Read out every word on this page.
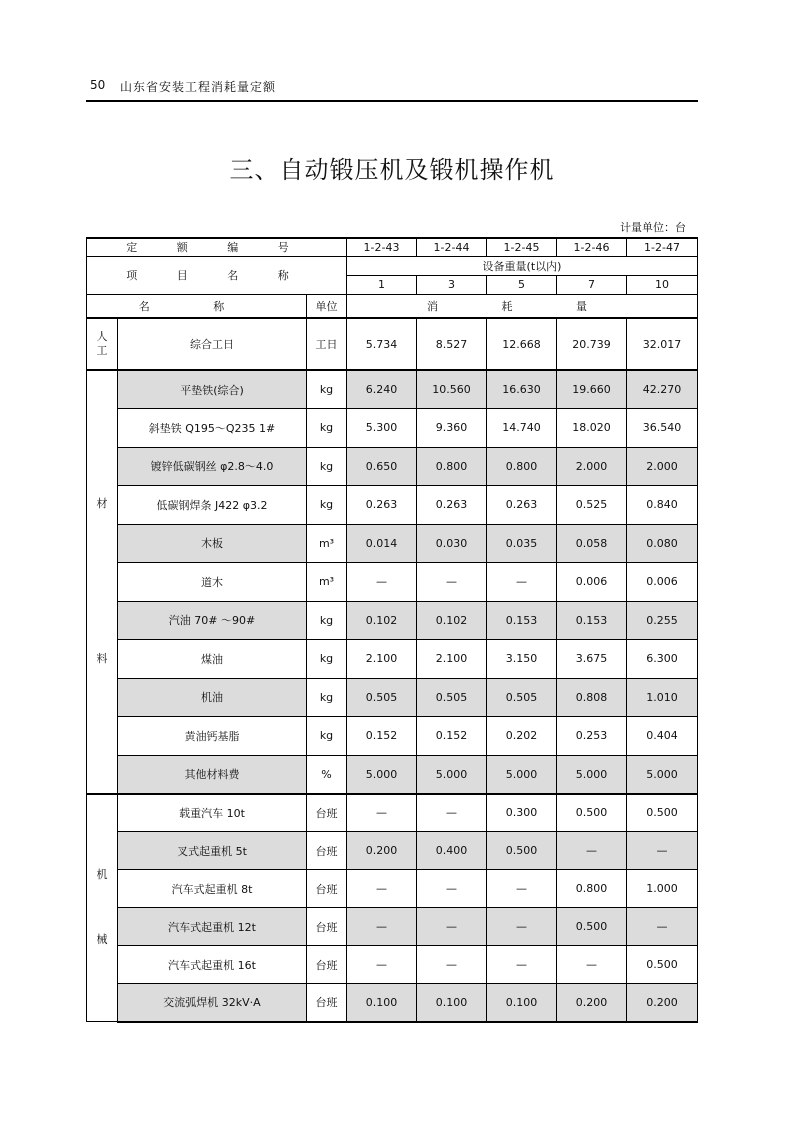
50 山东省安装工程消耗量定额
三、自动锻压机及锻机操作机
计量单位：台
定 额 编 号			1-2-43	1-2-44	1-2-45	1-2-46	1-2-47
项 目 名 称			设备重量(t以内)				
			1	3	5	7	10
名 称		单位	消 耗 量				

人工	综合工日	工日	5.734	8.527	12.668	20.739	32.017

材
料	平垫铁(综合)	kg	6.240	10.560	16.630	19.660	42.270
	斜垫铁 Q195～Q235 1#	kg	5.300	9.360	14.740	18.020	36.540
	镀锌低碳钢丝 φ2.8～4.0	kg	0.650	0.800	0.800	2.000	2.000
	低碳钢焊条 J422 φ3.2	kg	0.263	0.263	0.263	0.525	0.840
	木板	m³	0.014	0.030	0.035	0.058	0.080
	道木	m³	—	—	—	0.006	0.006
	汽油 70# ～90#	kg	0.102	0.102	0.153	0.153	0.255
	煤油	kg	2.100	2.100	3.150	3.675	6.300
	机油	kg	0.505	0.505	0.505	0.808	1.010
	黄油钙基脂	kg	0.152	0.152	0.202	0.253	0.404
	其他材料费	%	5.000	5.000	5.000	5.000	5.000

机
械	载重汽车 10t	台班	—	—	0.300	0.500	0.500
	叉式起重机 5t	台班	0.200	0.400	0.500	—	—
	汽车式起重机 8t	台班	—	—	—	0.800	1.000
	汽车式起重机 12t	台班	—	—	—	0.500	—
	汽车式起重机 16t	台班	—	—	—	—	0.500
	交流弧焊机 32kV·A	台班	0.100	0.100	0.100	0.200	0.200
